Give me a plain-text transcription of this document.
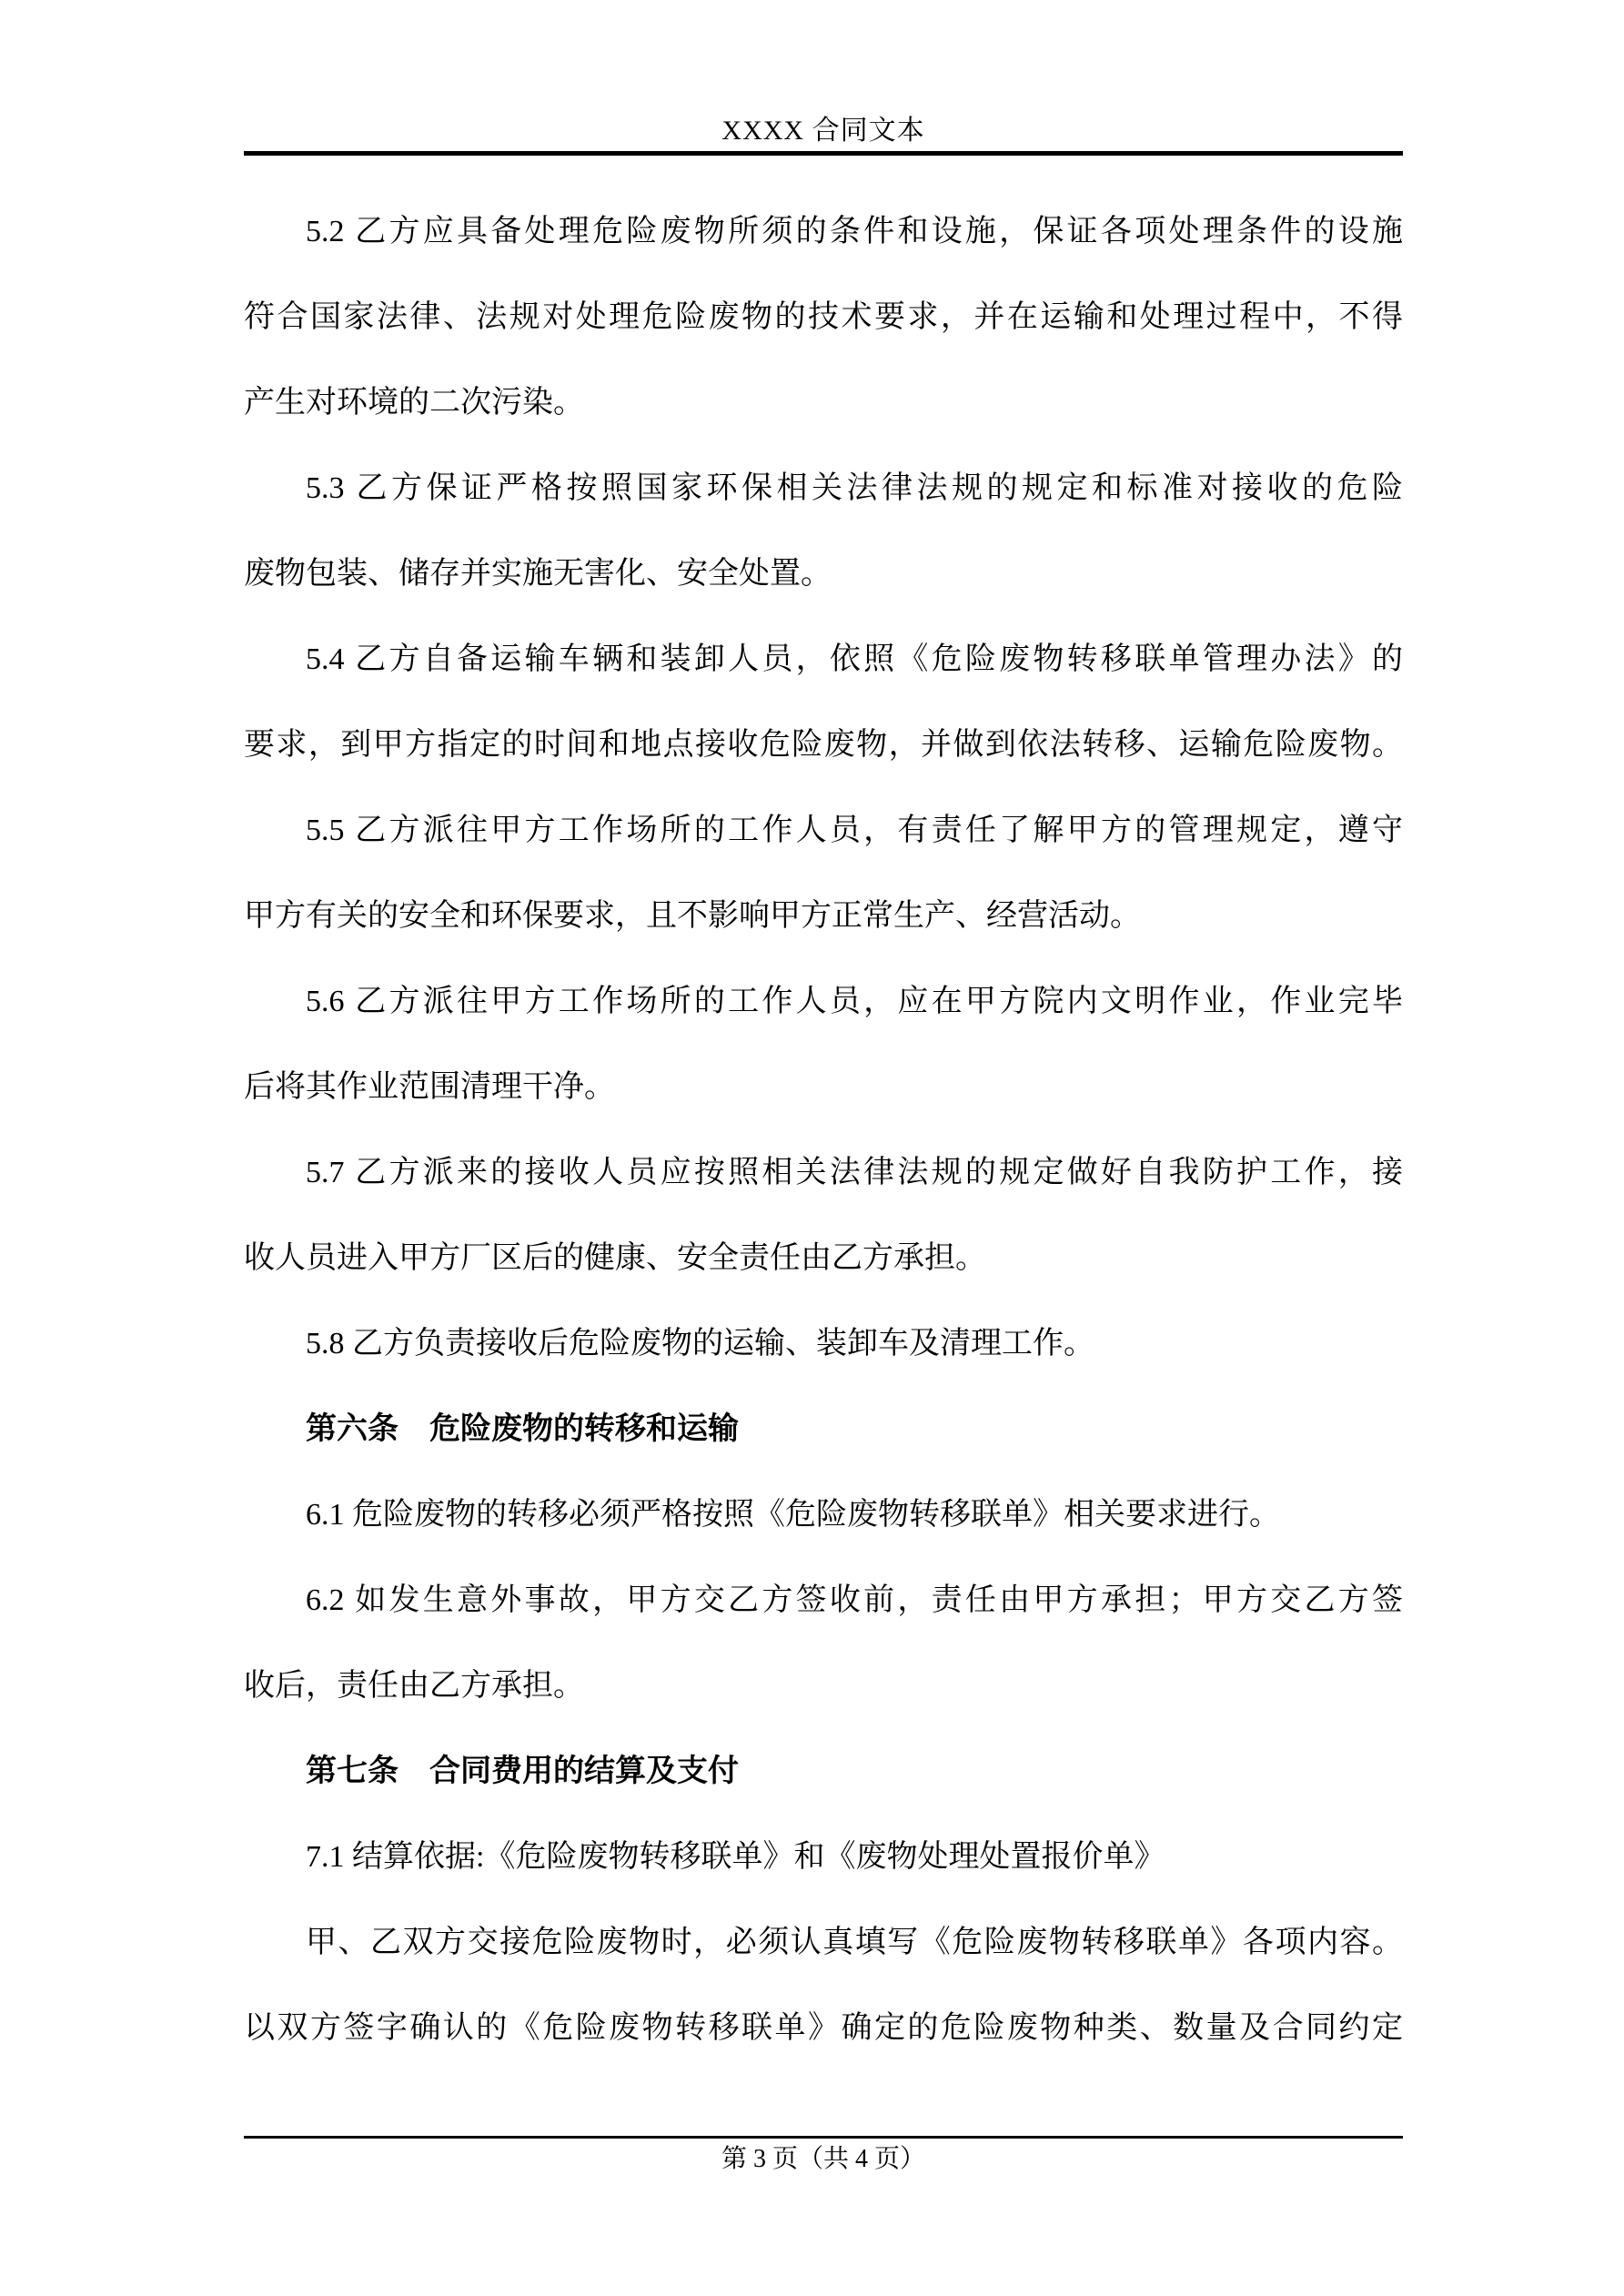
XXXX 合同文本

5.2 乙方应具备处理危险废物所须的条件和设施，保证各项处理条件的设施

符合国家法律、法规对处理危险废物的技术要求，并在运输和处理过程中，不得

产生对环境的二次污染。

5.3 乙方保证严格按照国家环保相关法律法规的规定和标准对接收的危险

废物包装、储存并实施无害化、安全处置。

5.4 乙方自备运输车辆和装卸人员，依照《危险废物转移联单管理办法》的

要求，到甲方指定的时间和地点接收危险废物，并做到依法转移、运输危险废物。

5.5 乙方派往甲方工作场所的工作人员，有责任了解甲方的管理规定，遵守

甲方有关的安全和环保要求，且不影响甲方正常生产、经营活动。

5.6 乙方派往甲方工作场所的工作人员，应在甲方院内文明作业，作业完毕

后将其作业范围清理干净。

5.7 乙方派来的接收人员应按照相关法律法规的规定做好自我防护工作，接

收人员进入甲方厂区后的健康、安全责任由乙方承担。

5.8 乙方负责接收后危险废物的运输、装卸车及清理工作。

第六条　危险废物的转移和运输

6.1 危险废物的转移必须严格按照《危险废物转移联单》相关要求进行。

6.2 如发生意外事故，甲方交乙方签收前，责任由甲方承担；甲方交乙方签

收后，责任由乙方承担。

第七条　合同费用的结算及支付

7.1 结算依据:《危险废物转移联单》和《废物处理处置报价单》

甲、乙双方交接危险废物时，必须认真填写《危险废物转移联单》各项内容。

以双方签字确认的《危险废物转移联单》确定的危险废物种类、数量及合同约定

第 3 页（共 4 页）
